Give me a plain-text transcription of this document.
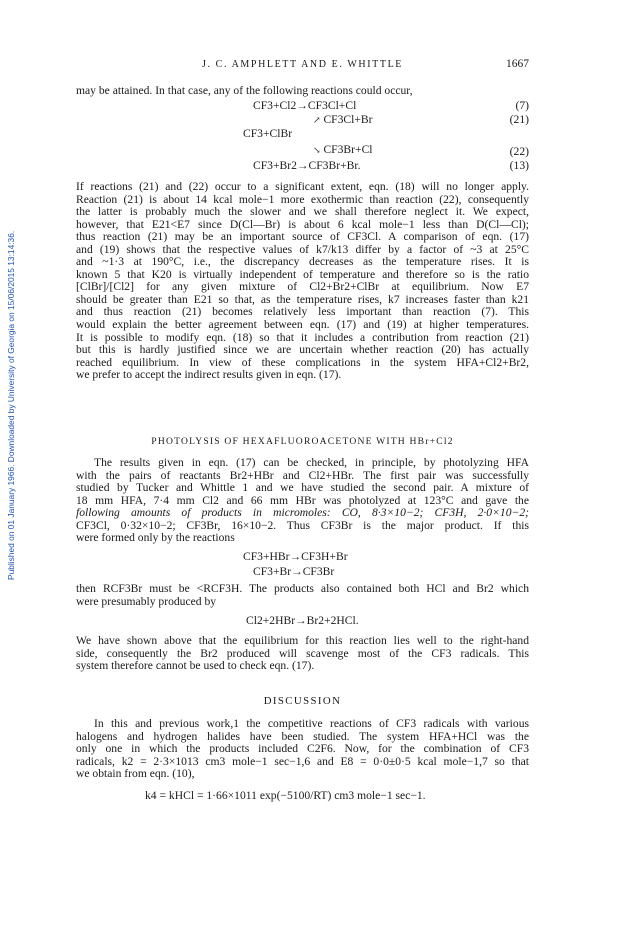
Published on 01 January 1966. Downloaded by University of Georgia on 15/06/2015 13:14:36.
J. C. AMPHLETT AND E. WHITTLE	1667
may be attained. In that case, any of the following reactions could occur,
CF3+Cl2→CF3Cl+Cl	(7)
↗ CF3Cl+Br	(21)
CF3+ClBr
↘ CF3Br+Cl	(22)
CF3+Br2→CF3Br+Br.	(13)
If reactions (21) and (22) occur to a significant extent, eqn. (18) will no longer apply.
Reaction (21) is about 14 kcal mole−1 more exothermic than reaction (22), consequently
the latter is probably much the slower and we shall therefore neglect it. We expect,
however, that E21<E7 since D(Cl—Br) is about 6 kcal mole−1 less than D(Cl—Cl);
thus reaction (21) may be an important source of CF3Cl. A comparison of eqn. (17)
and (19) shows that the respective values of k7/k13 differ by a factor of ~3 at 25°C
and ~1·3 at 190°C, i.e., the discrepancy decreases as the temperature rises. It is
known 5 that K20 is virtually independent of temperature and therefore so is the ratio
[ClBr]/[Cl2] for any given mixture of Cl2+Br2+ClBr at equilibrium. Now E7
should be greater than E21 so that, as the temperature rises, k7 increases faster than k21
and thus reaction (21) becomes relatively less important than reaction (7). This
would explain the better agreement between eqn. (17) and (19) at higher temperatures.
It is possible to modify eqn. (18) so that it includes a contribution from reaction (21)
but this is hardly justified since we are uncertain whether reaction (20) has actually
reached equilibrium. In view of these complications in the system HFA+Cl2+Br2,
we prefer to accept the indirect results given in eqn. (17).
PHOTOLYSIS OF HEXAFLUOROACETONE WITH HBr+Cl2
The results given in eqn. (17) can be checked, in principle, by photolyzing HFA
with the pairs of reactants Br2+HBr and Cl2+HBr. The first pair was successfully
studied by Tucker and Whittle 1 and we have studied the second pair. A mixture of
18 mm HFA, 7·4 mm Cl2 and 66 mm HBr was photolyzed at 123°C and gave the
following amounts of products in micromoles: CO, 8·3×10−2; CF3H, 2·0×10−2;
CF3Cl, 0·32×10−2; CF3Br, 16×10−2. Thus CF3Br is the major product. If this
were formed only by the reactions
CF3+HBr→CF3H+Br
CF3+Br→CF3Br
then RCF3Br must be <RCF3H. The products also contained both HCl and Br2 which
were presumably produced by
Cl2+2HBr→Br2+2HCl.
We have shown above that the equilibrium for this reaction lies well to the right-hand
side, consequently the Br2 produced will scavenge most of the CF3 radicals. This
system therefore cannot be used to check eqn. (17).
DISCUSSION
In this and previous work,1 the competitive reactions of CF3 radicals with various
halogens and hydrogen halides have been studied. The system HFA+HCl was the
only one in which the products included C2F6. Now, for the combination of CF3
radicals, k2 = 2·3×1013 cm3 mole−1 sec−1,6 and E8 = 0·0±0·5 kcal mole−1,7 so that
we obtain from eqn. (10),
k4 = kHCl = 1·66×1011 exp(−5100/RT) cm3 mole−1 sec−1.
